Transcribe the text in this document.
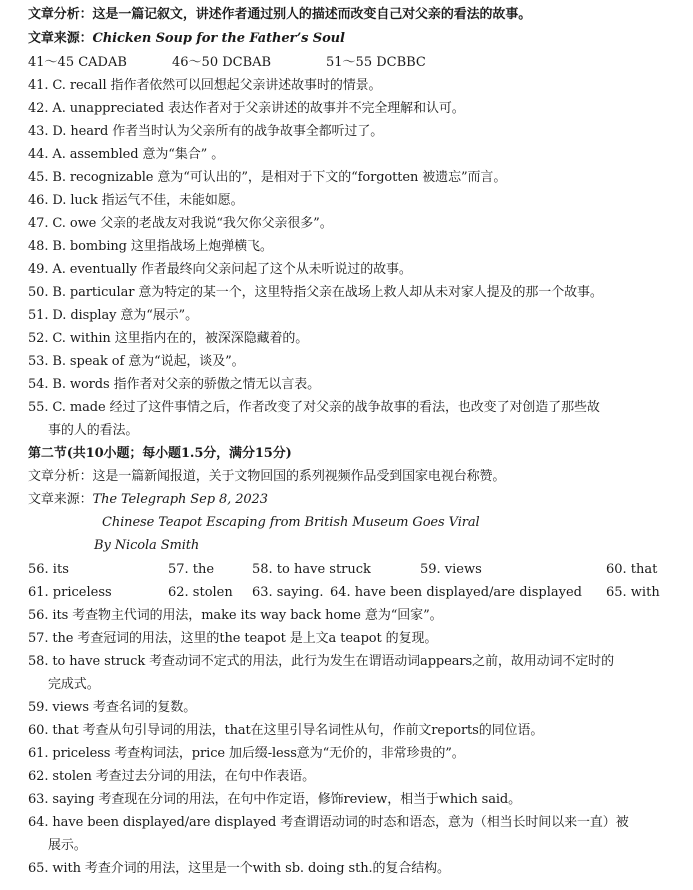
文章分析：这是一篇记叙文，讲述作者通过别人的描述而改变自己对父亲的看法的故事。
文章来源：Chicken Soup for the Father’s Soul
41～45 CADAB	46～50 DCBAB	51～55 DCBBC
41. C. recall 指作者依然可以回想起父亲讲述故事时的情景。
42. A. unappreciated 表达作者对于父亲讲述的故事并不完全理解和认可。
43. D. heard 作者当时认为父亲所有的战争故事全都听过了。
44. A. assembled 意为“集合” 。
45. B. recognizable 意为“可认出的”，是相对于下文的“forgotten 被遗忘”而言。
46. D. luck 指运气不佳，未能如愿。
47. C. owe 父亲的老战友对我说“我欠你父亲很多”。
48. B. bombing 这里指战场上炮弹横飞。
49. A. eventually 作者最终向父亲问起了这个从未听说过的故事。
50. B. particular 意为特定的某一个，这里特指父亲在战场上救人却从未对家人提及的那一个故事。
51. D. display 意为“展示”。
52. C. within 这里指内在的，被深深隐藏着的。
53. B. speak of 意为“说起，谈及”。
54. B. words 指作者对父亲的骄傲之情无以言表。
55. C. made 经过了这件事情之后，作者改变了对父亲的战争故事的看法，也改变了对创造了那些故
事的人的看法。
第二节(共10小题；每小题1.5分，满分15分)
文章分析：这是一篇新闻报道，关于文物回国的系列视频作品受到国家电视台称赞。
文章来源：The Telegraph Sep 8, 2023
Chinese Teapot Escaping from British Museum Goes Viral
By Nicola Smith
56. its	57. the	58. to have struck	59. views	60. that
61. priceless	62. stolen 63. saying. 64. have been displayed/are displayed 65. with
56. its 考查物主代词的用法，make its way back home 意为“回家”。
57. the 考查冠词的用法，这里的the teapot 是上文a teapot 的复现。
58. to have struck 考查动词不定式的用法，此行为发生在谓语动词appears之前，故用动词不定时的
完成式。
59. views 考查名词的复数。
60. that 考查从句引导词的用法，that在这里引导名词性从句，作前文reports的同位语。
61. priceless 考查构词法，price 加后缀-less意为“无价的，非常珍贵的”。
62. stolen 考查过去分词的用法，在句中作表语。
63. saying 考查现在分词的用法，在句中作定语，修饰review，相当于which said。
64. have been displayed/are displayed 考查谓语动词的时态和语态，意为（相当长时间以来一直）被
展示。
65. with 考查介词的用法，这里是一个with sb. doing sth.的复合结构。
